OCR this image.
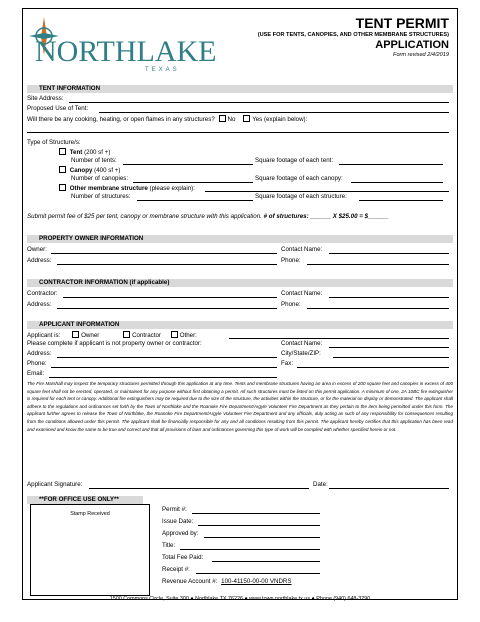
NORTHLAKE
TEXAS
TENT PERMIT
(USE FOR TENTS, CANOPIES, AND OTHER MEMBRANE STRUCTURES)
APPLICATION
Form revised 2/4/2019
TENT INFORMATION
Site Address:
Proposed Use of Tent:
Will there be any cooking, heating, or open flames in any structures? No	Yes (explain below):
Type of Structure/s:
Tent (200 sf +)
Number of tents:	Square footage of each tent:
Canopy (400 sf +)
Number of canopies:	Square footage of each canopy:
Other membrane structure (please explain):
Number of structures:	Square footage of each structure:
Submit permit fee of $25 per tent, canopy or membrane structure with this application. # of structures: ______ X $25.00 = $______
PROPERTY OWNER INFORMATION
Owner:	Contact Name:
Address:	Phone:
CONTRACTOR INFORMATION (if applicable)
Contractor:	Contact Name:
Address:	Phone:
APPLICANT INFORMATION
Applicant is:	Owner	Contractor	Other:
Please complete if applicant is not property owner or contractor:	Contact Name:
Address:	City/State/ZIP:
Phone:	Fax:
Email:
The Fire Marshall may inspect the temporary structures permitted through this application at any time. Tents and membrane structures having an area in excess of 200 square feet and canopies in excess of 400 square feet shall not be erected, operated, or maintained for any purpose without first obtaining a permit. All such structures must be listed on this permit application. A minimum of one, 2A 10BC fire extinguisher is required for each tent or canopy. Additional fire extinguishers may be required due to the size of the structure, the activities within the structure, or for the material on display or demonstrated. The applicant shall adhere to the regulations and ordinances set forth by the Town of Northlake and the Roanoke Fire Department/Argyle Volunteer Fire Department as they pertain to the item being permitted under this form. The applicant further agrees to release the Town of Northlake, the Roanoke Fire Department/Argyle Volunteer Fire Department and any officials, duly acting as such of any responsibility for consequences resulting from the conditions allowed under this permit. The applicant shall be financially responsible for any and all conditions resulting from this permit. The applicant hereby certifies that this application has been read and examined and know the same to be true and correct and that all provisions of laws and ordinances governing this type of work will be complied with whether specified herein or not.
Applicant Signature:	Date:
**FOR OFFICE USE ONLY**
Stamp Received
Permit #:
Issue Date:
Approved by:
Title:
Total Fee Paid:
Receipt #:
Revenue Account #: 100-41150-00-00 VNDRS
1500 Commons Circle, Suite 300 ● Northlake TX 76226 ● www.town.northlake.tx.us ● Phone (940) 648-3290
